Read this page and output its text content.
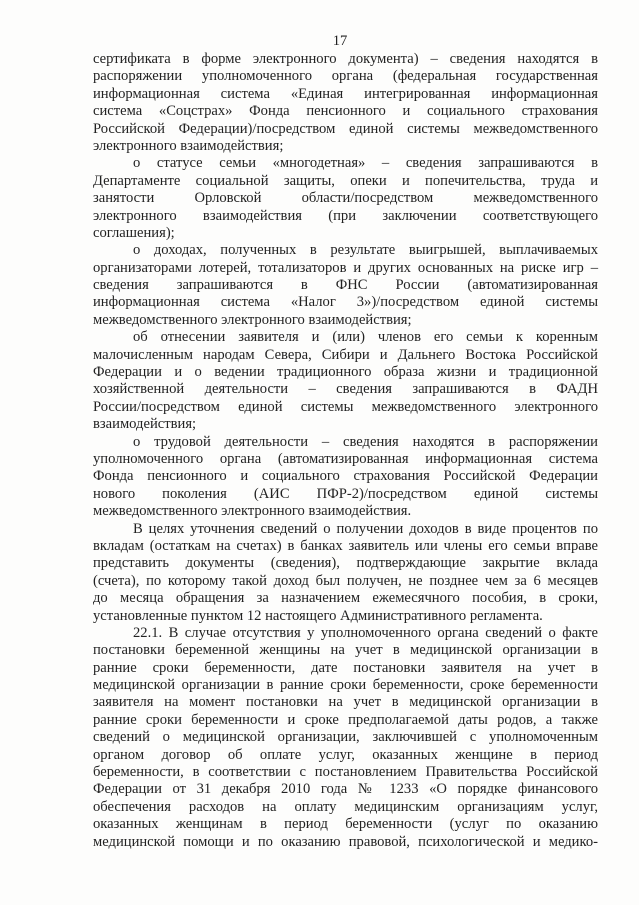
17
сертификата в форме электронного документа) – сведения находятся в
распоряжении уполномоченного органа (федеральная государственная
информационная система «Единая интегрированная информационная
система «Соцстрах» Фонда пенсионного и социального страхования
Российской Федерации)/посредством единой системы межведомственного
электронного взаимодействия;
о статусе семьи «многодетная» – сведения запрашиваются в
Департаменте социальной защиты, опеки и попечительства, труда и
занятости Орловской области/посредством межведомственного
электронного взаимодействия (при заключении соответствующего
соглашения);
о доходах, полученных в результате выигрышей, выплачиваемых
организаторами лотерей, тотализаторов и других основанных на риске игр –
сведения запрашиваются в ФНС России (автоматизированная
информационная система «Налог 3»)/посредством единой системы
межведомственного электронного взаимодействия;
об отнесении заявителя и (или) членов его семьи к коренным
малочисленным народам Севера, Сибири и Дальнего Востока Российской
Федерации и о ведении традиционного образа жизни и традиционной
хозяйственной деятельности – сведения запрашиваются в ФАДН
России/посредством единой системы межведомственного электронного
взаимодействия;
о трудовой деятельности – сведения находятся в распоряжении
уполномоченного органа (автоматизированная информационная система
Фонда пенсионного и социального страхования Российской Федерации
нового поколения (АИС ПФР-2)/посредством единой системы
межведомственного электронного взаимодействия.
В целях уточнения сведений о получении доходов в виде процентов по
вкладам (остаткам на счетах) в банках заявитель или члены его семьи вправе
представить документы (сведения), подтверждающие закрытие вклада
(счета), по которому такой доход был получен, не позднее чем за 6 месяцев
до месяца обращения за назначением ежемесячного пособия, в сроки,
установленные пунктом 12 настоящего Административного регламента.
22.1. В случае отсутствия у уполномоченного органа сведений о факте
постановки беременной женщины на учет в медицинской организации в
ранние сроки беременности, дате постановки заявителя на учет в
медицинской организации в ранние сроки беременности, сроке беременности
заявителя на момент постановки на учет в медицинской организации в
ранние сроки беременности и сроке предполагаемой даты родов, а также
сведений о медицинской организации, заключившей с уполномоченным
органом договор об оплате услуг, оказанных женщине в период
беременности, в соответствии с постановлением Правительства Российской
Федерации от 31 декабря 2010 года № 1233 «О порядке финансового
обеспечения расходов на оплату медицинским организациям услуг,
оказанных женщинам в период беременности (услуг по оказанию
медицинской помощи и по оказанию правовой, психологической и медико-
